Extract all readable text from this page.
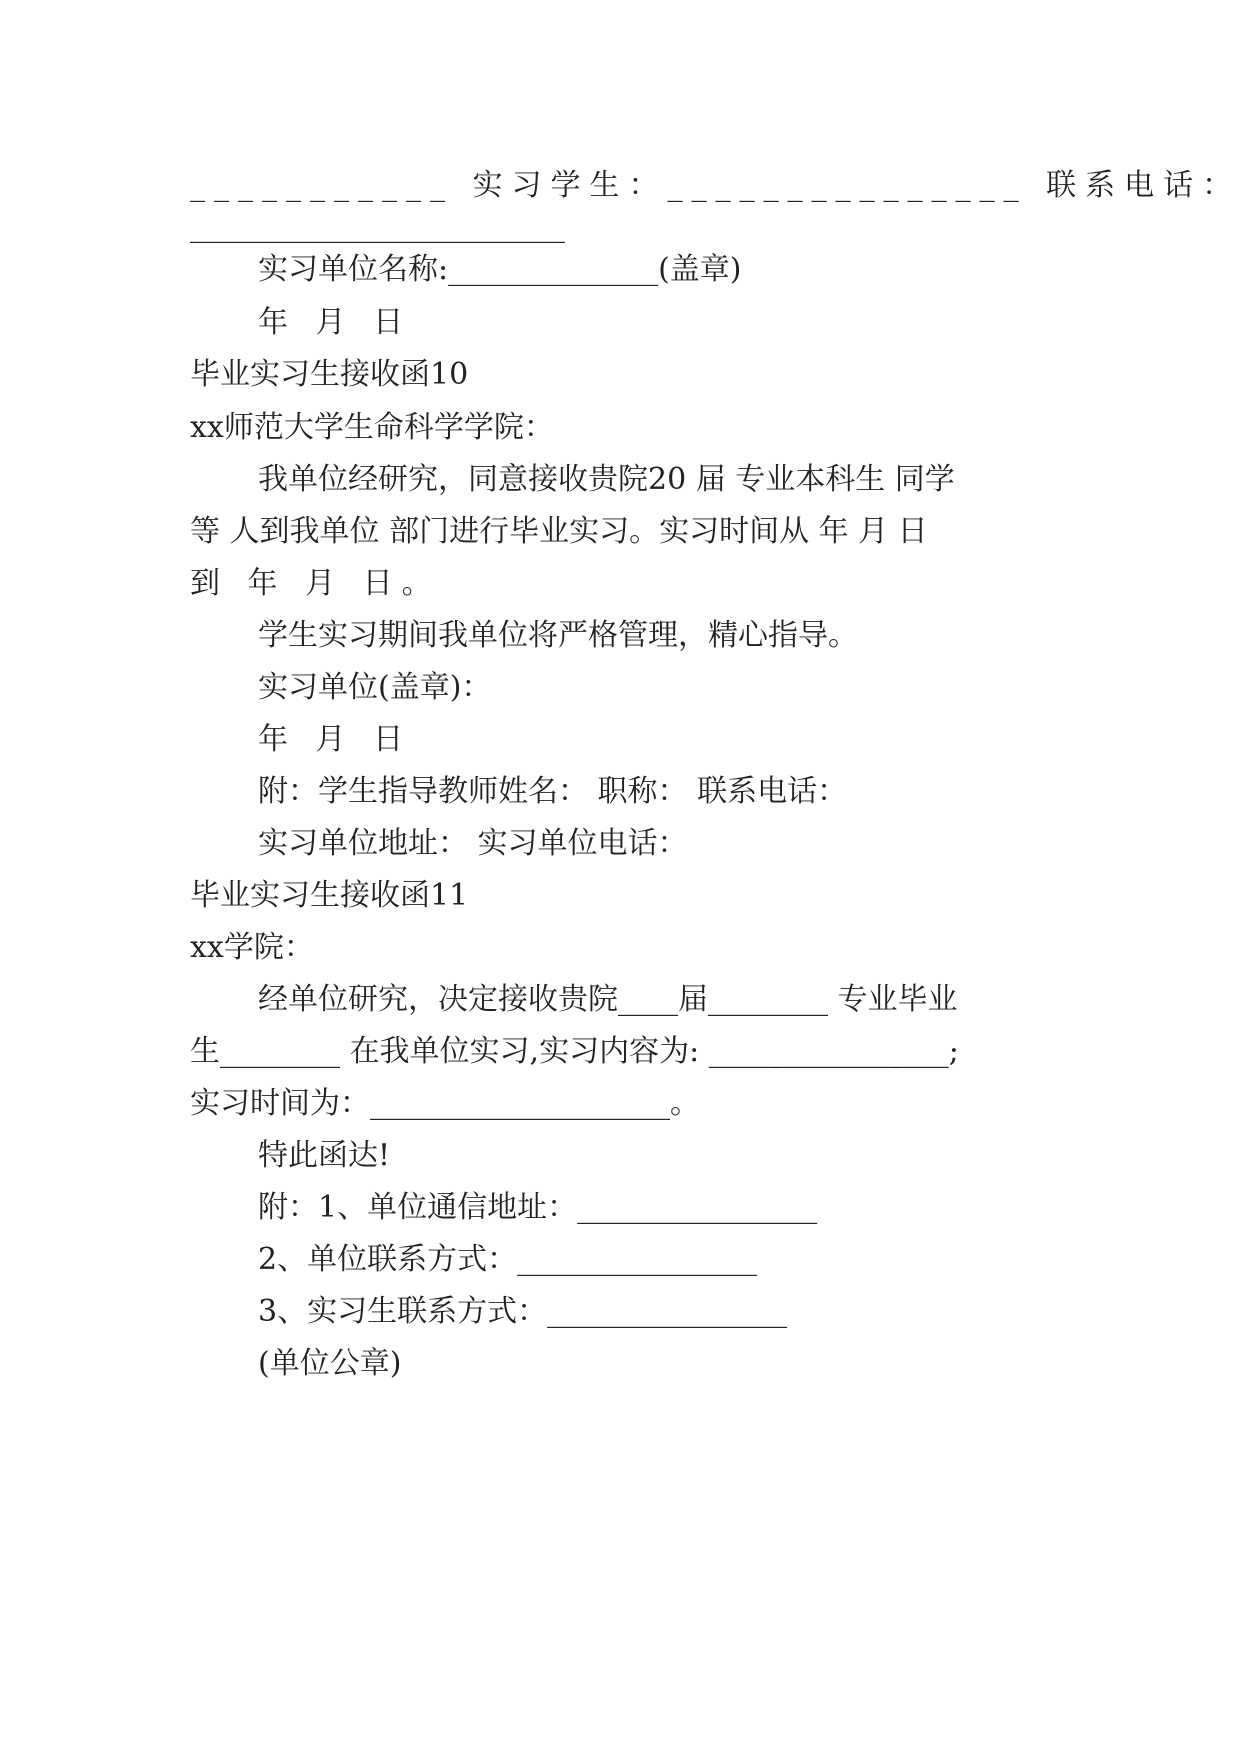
___________ 实习学生：_______________ 联系电话：
_________________________
实习单位名称:______________(盖章)
年 月 日
毕业实习生接收函10
xx师范大学生命科学学院：
我单位经研究，同意接收贵院20 届 专业本科生 同学
等 人到我单位 部门进行毕业实习。实习时间从 年 月 日
到 年 月 日。
学生实习期间我单位将严格管理，精心指导。
实习单位(盖章)：
年 月 日
附：学生指导教师姓名： 职称： 联系电话：
实习单位地址： 实习单位电话：
毕业实习生接收函11
xx学院：
经单位研究，决定接收贵院____届________ 专业毕业
生________ 在我单位实习,实习内容为: ________________;
实习时间为：____________________。
特此函达!
附：1、单位通信地址：________________
2、单位联系方式：________________
3、实习生联系方式：________________
(单位公章)
